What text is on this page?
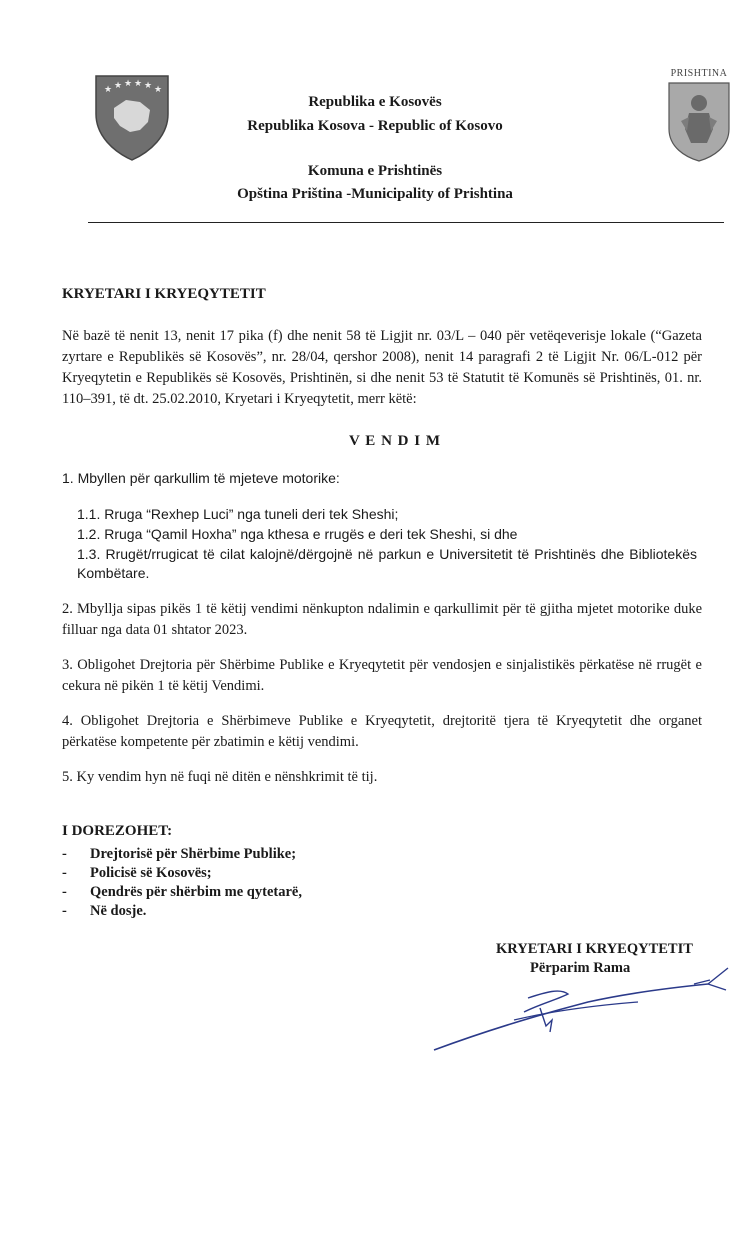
★ ★ ★ ★ ★ ★
PRISHTINA
Republika e Kosovës
Republika Kosova - Republic of Kosovo
Komuna e Prishtinës
Opština Priština -Municipality of Prishtina
KRYETARI I KRYEQYTETIT
Në bazë të nenit 13, nenit 17 pika (f) dhe nenit 58 të Ligjit nr. 03/L – 040 për vetëqeverisje lokale (“Gazeta zyrtare e Republikës së Kosovës”, nr. 28/04, qershor 2008), nenit 14 paragrafi 2 të Ligjit Nr. 06/L-012 për Kryeqytetin e Republikës së Kosovës, Prishtinën, si dhe nenit 53 të Statutit të Komunës së Prishtinës, 01. nr. 110–391, të dt. 25.02.2010, Kryetari i Kryeqytetit, merr këtë:
V E N D I M
1. Mbyllen për qarkullim të mjeteve motorike:
1.1. Rruga “Rexhep Luci” nga tuneli deri tek Sheshi;
1.2. Rruga “Qamil Hoxha” nga kthesa e rrugës e deri tek Sheshi, si dhe
1.3. Rrugët/rrugicat të cilat kalojnë/dërgojnë në parkun e Universitetit të Prishtinës dhe Bibliotekës Kombëtare.
2. Mbyllja sipas pikës 1 të këtij vendimi nënkupton ndalimin e qarkullimit për të gjitha mjetet motorike duke filluar nga data 01 shtator 2023.
3. Obligohet Drejtoria për Shërbime Publike e Kryeqytetit për vendosjen e sinjalistikës përkatëse në rrugët e cekura në pikën 1 të këtij Vendimi.
4. Obligohet Drejtoria e Shërbimeve Publike e Kryeqytetit, drejtoritë tjera të Kryeqytetit dhe organet përkatëse kompetente për zbatimin e këtij vendimi.
5. Ky vendim hyn në fuqi në ditën e nënshkrimit të tij.
I DOREZOHET:
- Drejtorisë për Shërbime Publike;
- Policisë së Kosovës;
- Qendrës për shërbim me qytetarë,
- Në dosje.
KRYETARI I KRYEQYTETIT
Përparim Rama
